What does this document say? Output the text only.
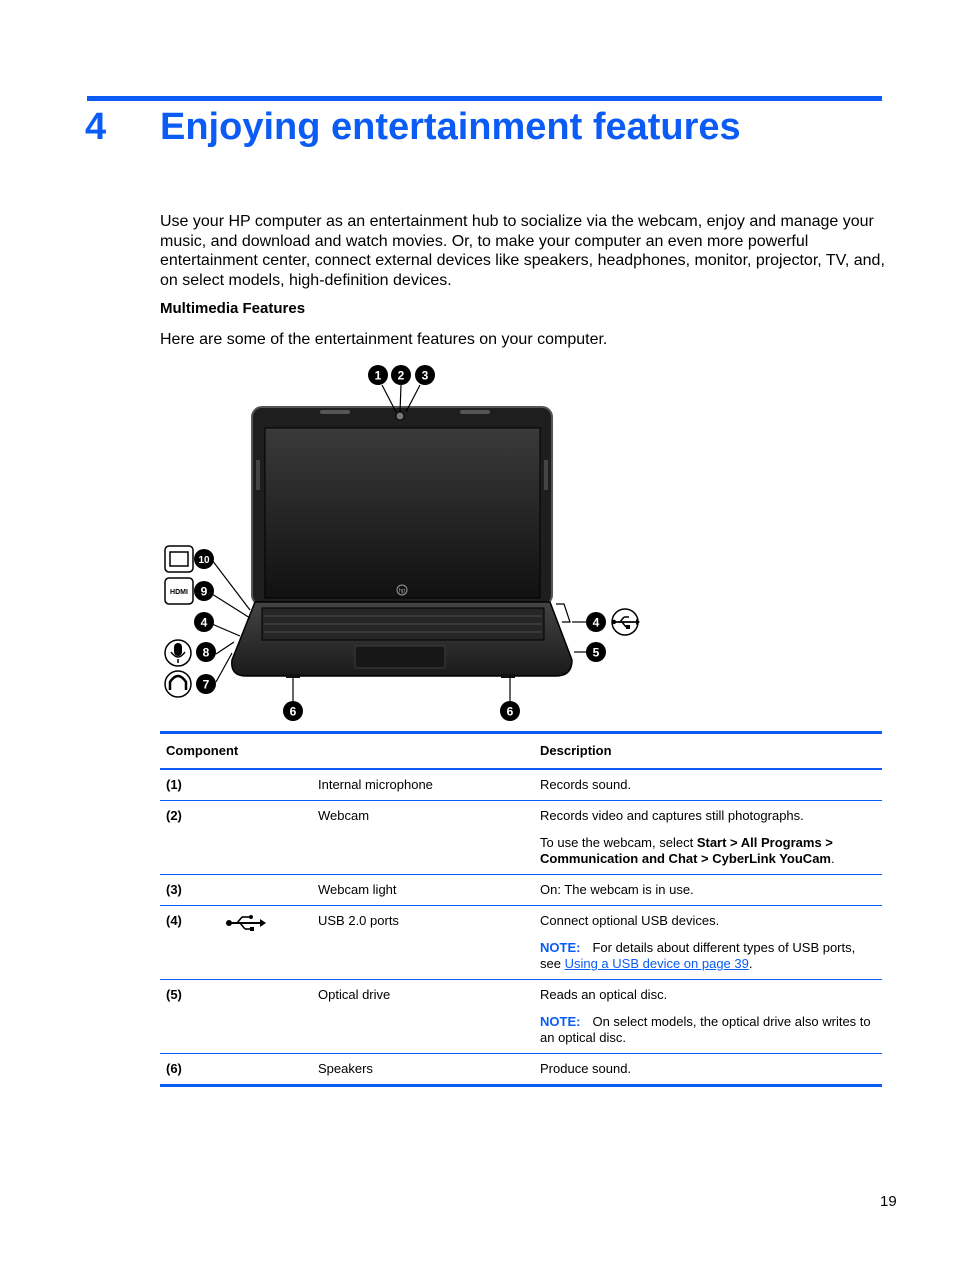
4 Enjoying entertainment features
Use your HP computer as an entertainment hub to socialize via the webcam, enjoy and manage your music, and download and watch movies. Or, to make your computer an even more powerful entertainment center, connect external devices like speakers, headphones, monitor, projector, TV, and, on select models, high-definition devices.
Multimedia Features
Here are some of the entertainment features on your computer.
hp
HDMI
1 2 3
10
9
4
8
7
4
5
6	6
Component		Description
(1)	Internal microphone	Records sound.

(2)	Webcam	Records video and captures still photographs.

To use the webcam, select Start > All Programs > Communication and Chat > CyberLink YouCam.

(3)	Webcam light	On: The webcam is in use.

(4)	USB 2.0 ports	Connect optional USB devices.

NOTE: For details about different types of USB ports, see Using a USB device on page 39.

(5)	Optical drive	Reads an optical disc.

NOTE: On select models, the optical drive also writes to an optical disc.

(6)	Speakers	Produce sound.

19
